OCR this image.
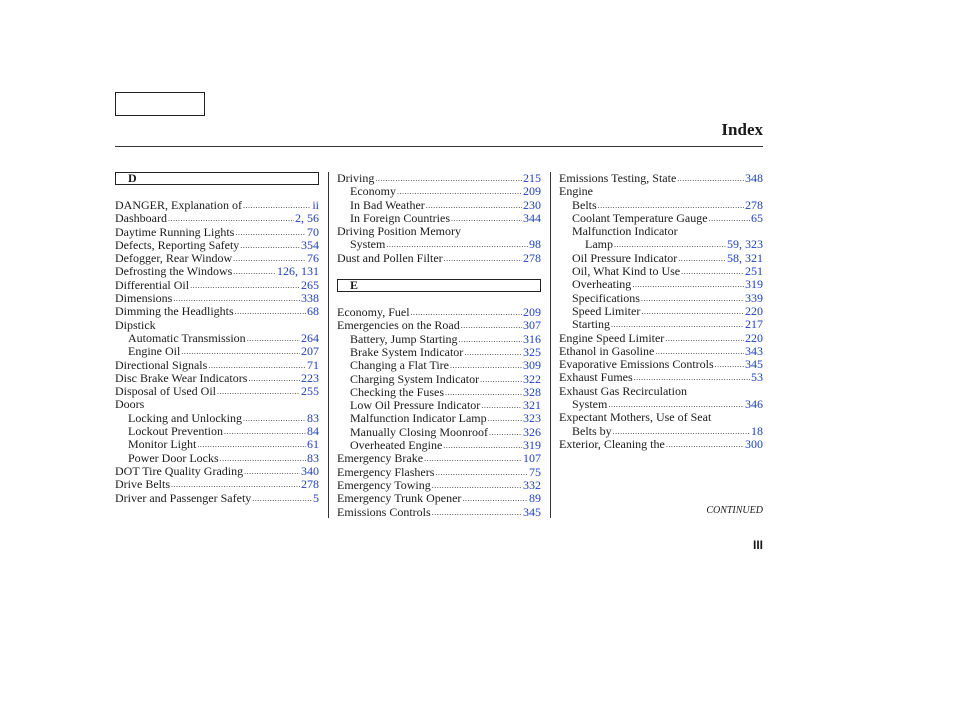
Index
D
DANGER, Explanation of .....	ii
Dashboard .....	2, 56
Daytime Running Lights .....	70
Defects, Reporting Safety .....	354
Defogger, Rear Window .....	76
Defrosting the Windows .....	126, 131
Differential Oil .....	265
Dimensions .....	338
Dimming the Headlights .....	68
Dipstick
Automatic Transmission .....	264
Engine Oil .....	207
Directional Signals .....	71
Disc Brake Wear Indicators .....	223
Disposal of Used Oil .....	255
Doors
Locking and Unlocking .....	83
Lockout Prevention .....	84
Monitor Light .....	61
Power Door Locks .....	83
DOT Tire Quality Grading .....	340
Drive Belts .....	278
Driver and Passenger Safety .....	5
Driving .....	215
Economy .....	209
In Bad Weather .....	230
In Foreign Countries .....	344
Driving Position Memory
System .....	98
Dust and Pollen Filter .....	278
E
Economy, Fuel .....	209
Emergencies on the Road .....	307
Battery, Jump Starting .....	316
Brake System Indicator .....	325
Changing a Flat Tire .....	309
Charging System Indicator .....	322
Checking the Fuses .....	328
Low Oil Pressure Indicator .....	321
Malfunction Indicator Lamp .....	323
Manually Closing Moonroof .....	326
Overheated Engine .....	319
Emergency Brake .....	107
Emergency Flashers .....	75
Emergency Towing .....	332
Emergency Trunk Opener .....	89
Emissions Controls .....	345
Emissions Testing, State .....	348
Engine
Belts .....	278
Coolant Temperature Gauge .....	65
Malfunction Indicator
Lamp .....	59, 323
Oil Pressure Indicator .....	58, 321
Oil, What Kind to Use .....	251
Overheating .....	319
Specifications .....	339
Speed Limiter .....	220
Starting .....	217
Engine Speed Limiter .....	220
Ethanol in Gasoline .....	343
Evaporative Emissions Controls .....	345
Exhaust Fumes .....	53
Exhaust Gas Recirculation
System .....	346
Expectant Mothers, Use of Seat
Belts by .....	18
Exterior, Cleaning the .....	300
CONTINUED
III
